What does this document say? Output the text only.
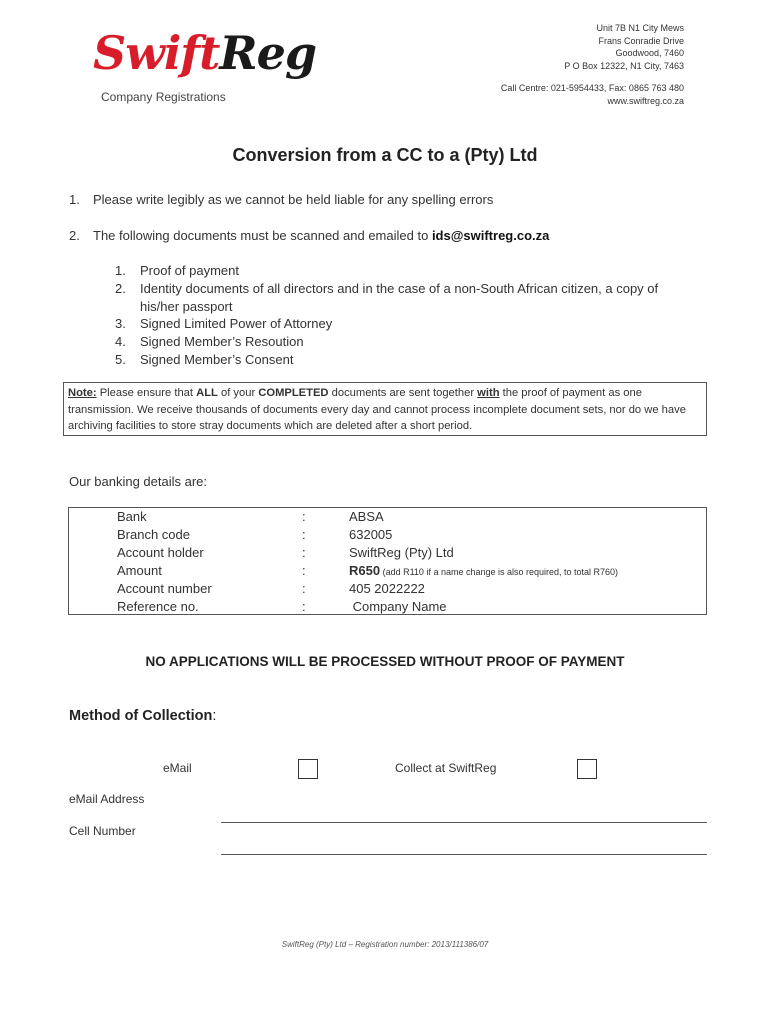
SwiftReg
Company Registrations
Unit 7B N1 City Mews
Frans Conradie Drive
Goodwood, 7460
P O Box 12322, N1 City, 7463
Call Centre: 021-5954433, Fax: 0865 763 480
www.swiftreg.co.za
Conversion from a CC to a (Pty) Ltd
1. Please write legibly as we cannot be held liable for any spelling errors
2. The following documents must be scanned and emailed to ids@swiftreg.co.za
1.	Proof of payment
2.	Identity documents of all directors and in the case of a non-South African citizen, a copy of his/her passport
3.	Signed Limited Power of Attorney
4.	Signed Member’s Resoution
5.	Signed Member’s Consent
Note: Please ensure that ALL of your COMPLETED documents are sent together with the proof of payment as one transmission. We receive thousands of documents every day and cannot process incomplete document sets, nor do we have archiving facilities to store stray documents which are deleted after a short period.
Our banking details are:
Bank	:	ABSA
Branch code	:	632005
Account holder	:	SwiftReg (Pty) Ltd
Amount	:	R650 (add R110 if a name change is also required, to total R760)
Account number	:	405 2022222
Reference no.	:	Company Name
NO APPLICATIONS WILL BE PROCESSED WITHOUT PROOF OF PAYMENT
Method of Collection:
eMail	Collect at SwiftReg
eMail Address
Cell Number
SwiftReg (Pty) Ltd – Registration number: 2013/111386/07
